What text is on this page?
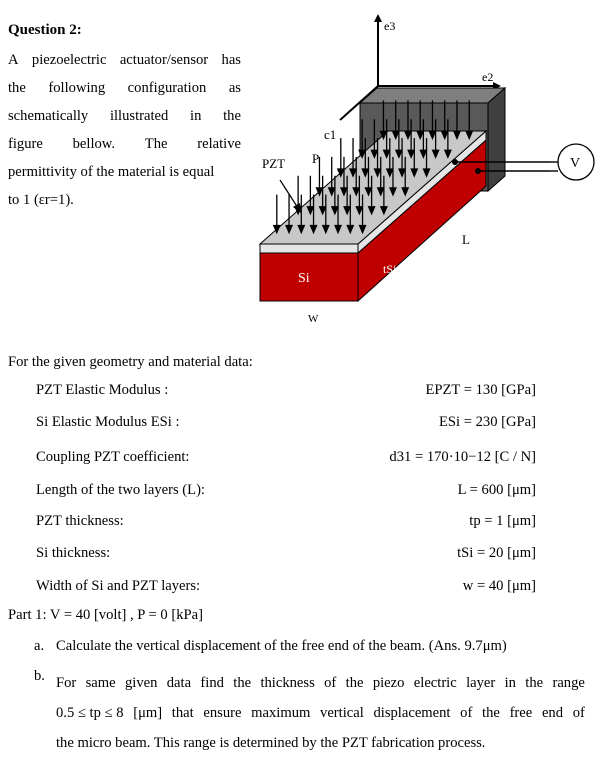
Question 2:
A piezoelectric actuator/sensor has
the following configuration as
schematically illustrated in the
figure bellow. The relative
permittivity of the material is equal
to 1 (εr=1).
e3
e2
c1
P
PZT
Si
tSi
L
W
V
For the given geometry and material data:
PZT Elastic Modulus :	EPZT = 130 [GPa]
Si Elastic Modulus ESi :	ESi = 230 [GPa]
Coupling PZT coefficient:	d31 = 170·10−12 [C / N]
Length of the two layers (L):	L = 600 [μm]
PZT thickness:	tp = 1 [μm]
Si thickness:	tSi = 20 [μm]
Width of Si and PZT layers:	w = 40 [μm]
Part 1: V = 40 [volt] , P = 0 [kPa]
a. Calculate the vertical displacement of the free end of the beam. (Ans. 9.7μm)
b. For same given data find the thickness of the piezo electric layer in the range
0.5 ≤ tp ≤ 8 [μm] that ensure maximum vertical displacement of the free end of
the micro beam. This range is determined by the PZT fabrication process.
